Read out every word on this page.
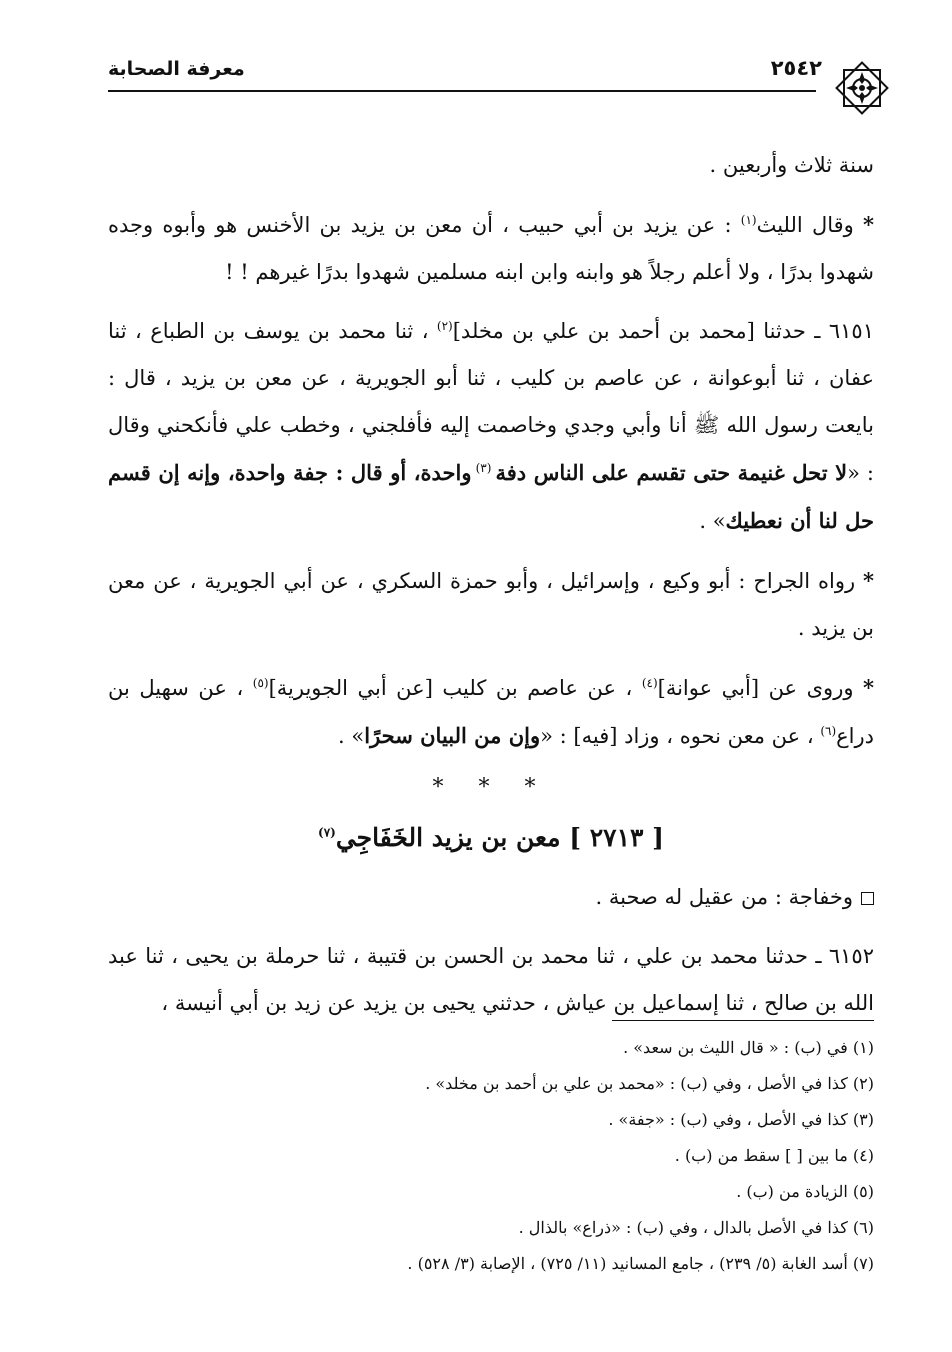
معرفة الصحابة	٢٥٤٢

سنة ثلاث وأربعين .

* وقال الليث$^{(١)}$ : عن يزيد بن أبي حبيب ، أن معن بن يزيد بن الأخنس هو وأبوه وجده شهدوا بدرًا ، ولا أعلم رجلاً هو وابنه وابن ابنه مسلمين شهدوا بدرًا غيرهم ! !

٦١٥١ ـ حدثنا [محمد بن أحمد بن علي بن مخلد]$^{(٢)}$ ، ثنا محمد بن يوسف بن الطباع ، ثنا عفان ، ثنا أبوعوانة ، عن عاصم بن كليب ، ثنا أبو الجويرية ، عن معن بن يزيد ، قال : بايعت رسول الله ﷺ أنا وأبي وجدي وخاصمت إليه فأفلجني ، وخطب علي فأنكحني وقال : «لا تحل غنيمة حتى تقسم على الناس دفة $^{(٣)}$ واحدة، أو قال : جفة واحدة، وإنه إن قسم حل لنا أن نعطيك» .

* رواه الجراح : أبو وكيع ، وإسرائيل ، وأبو حمزة السكري ، عن أبي الجويرية ، عن معن بن يزيد .

* وروى عن [أبي عوانة]$^{(٤)}$ ، عن عاصم بن كليب [عن أبي الجويرية]$^{(٥)}$ ، عن سهيل بن دراع$^{(٦)}$ ، عن معن نحوه ، وزاد [فيه] : «وإن من البيان سحرًا» .

* * *
[ ٢٧١٣ ] معن بن يزيد الخَفَاجِي$^{(٧)}$

وخفاجة : من عقيل له صحبة .

٦١٥٢ ـ حدثنا محمد بن علي ، ثنا محمد بن الحسن بن قتيبة ، ثنا حرملة بن يحيى ، ثنا عبد الله بن صالح ، ثنا إسماعيل بن عياش ، حدثني يحيى بن يزيد عن زيد بن أبي أنيسة ،

(١) في (ب) : « قال الليث بن سعد» .
(٢) كذا في الأصل ، وفي (ب) : «محمد بن علي بن أحمد بن مخلد» .
(٣) كذا في الأصل ، وفي (ب) : «جفة» .
(٤) ما بين [ ] سقط من (ب) .
(٥) الزيادة من (ب) .
(٦) كذا في الأصل بالدال ، وفي (ب) : «ذراع» بالذال .
(٧) أسد الغابة (٥/ ٢٣٩) ، جامع المسانيد (١١/ ٧٢٥) ، الإصابة (٣/ ٥٢٨) .
